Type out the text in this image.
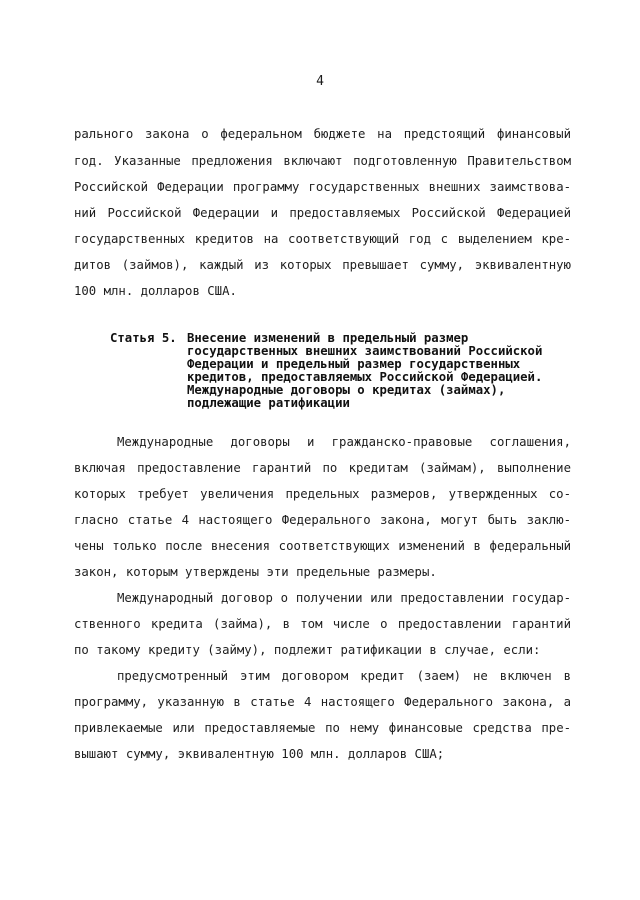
4
рального закона о федеральном бюджете на предстоящий финансовый
год. Указанные предложения включают подготовленную Правительством
Российской Федерации программу государственных внешних заимствова-
ний Российской Федерации и предоставляемых Российской Федерацией
государственных кредитов на соответствующий год с выделением кре-
дитов (займов), каждый из которых превышает сумму, эквивалентную
100 млн. долларов США.
Статья 5. Внесение изменений в предельный размер
государственных внешних заимствований Российской
Федерации и предельный размер государственных
кредитов, предоставляемых Российской Федерацией.
Международные договоры о кредитах (займах),
подлежащие ратификации
Международные договоры и гражданско-правовые соглашения,
включая предоставление гарантий по кредитам (займам), выполнение
которых требует увеличения предельных размеров, утвержденных со-
гласно статье 4 настоящего Федерального закона, могут быть заклю-
чены только после внесения соответствующих изменений в федеральный
закон, которым утверждены эти предельные размеры.
Международный договор о получении или предоставлении государ-
ственного кредита (займа), в том числе о предоставлении гарантий
по такому кредиту (займу), подлежит ратификации в случае, если:
предусмотренный этим договором кредит (заем) не включен в
программу, указанную в статье 4 настоящего Федерального закона, а
привлекаемые или предоставляемые по нему финансовые средства пре-
вышают сумму, эквивалентную 100 млн. долларов США;
